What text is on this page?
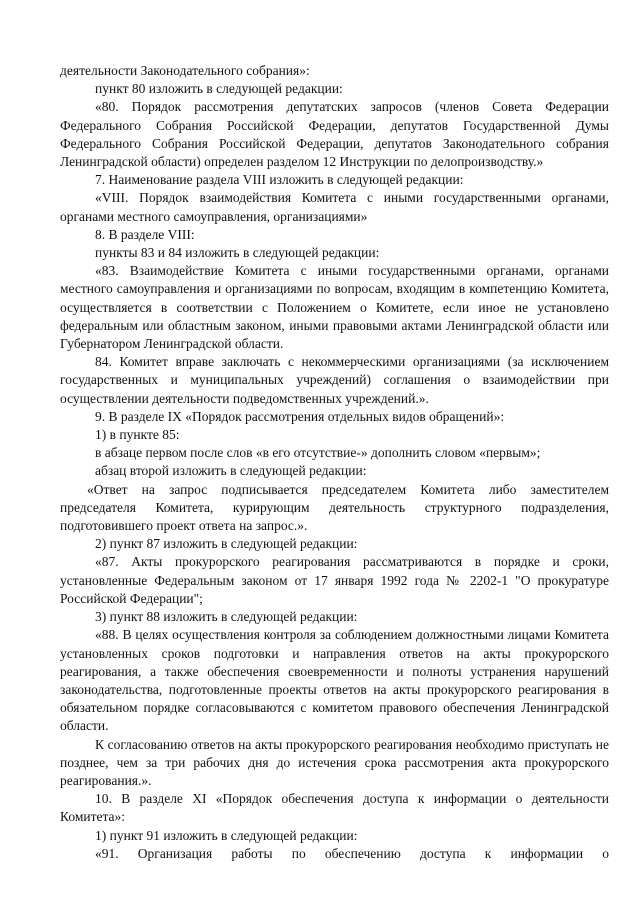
деятельности Законодательного собрания»:

пункт 80 изложить в следующей редакции:

«80. Порядок рассмотрения депутатских запросов (членов Совета Федерации Федерального Собрания Российской Федерации, депутатов Государственной Думы Федерального Собрания Российской Федерации, депутатов Законодательного собрания Ленинградской области) определен разделом 12 Инструкции по делопроизводству.»

7. Наименование раздела VIII изложить в следующей редакции:

«VIII. Порядок взаимодействия Комитета с иными государственными органами, органами местного самоуправления, организациями»

8. В разделе VIII:

пункты 83 и 84 изложить в следующей редакции:

«83. Взаимодействие Комитета с иными государственными органами, органами местного самоуправления и организациями по вопросам, входящим в компетенцию Комитета, осуществляется в соответствии с Положением о Комитете, если иное не установлено федеральным или областным законом, иными правовыми актами Ленинградской области или Губернатором Ленинградской области.

84. Комитет вправе заключать с некоммерческими организациями (за исключением государственных и муниципальных учреждений) соглашения о взаимодействии при осуществлении деятельности подведомственных учреждений.».

9. В разделе IX «Порядок рассмотрения отдельных видов обращений»:

1) в пункте 85:

в абзаце первом после слов «в его отсутствие-» дополнить словом «первым»;

абзац второй изложить в следующей редакции:

«Ответ на запрос подписывается председателем Комитета либо заместителем председателя Комитета, курирующим деятельность структурного подразделения, подготовившего проект ответа на запрос.».

2) пункт 87 изложить в следующей редакции:

«87. Акты прокурорского реагирования рассматриваются в порядке и сроки, установленные Федеральным законом от 17 января 1992 года № 2202-1 "О прокуратуре Российской Федерации";

3) пункт 88 изложить в следующей редакции:

«88. В целях осуществления контроля за соблюдением должностными лицами Комитета установленных сроков подготовки и направления ответов на акты прокурорского реагирования, а также обеспечения своевременности и полноты устранения нарушений законодательства, подготовленные проекты ответов на акты прокурорского реагирования в обязательном порядке согласовываются с комитетом правового обеспечения Ленинградской области.

К согласованию ответов на акты прокурорского реагирования необходимо приступать не позднее, чем за три рабочих дня до истечения срока рассмотрения акта прокурорского реагирования.».

10. В разделе XI «Порядок обеспечения доступа к информации о деятельности Комитета»:

1) пункт 91 изложить в следующей редакции:

«91. Организация работы по обеспечению доступа к информации о
